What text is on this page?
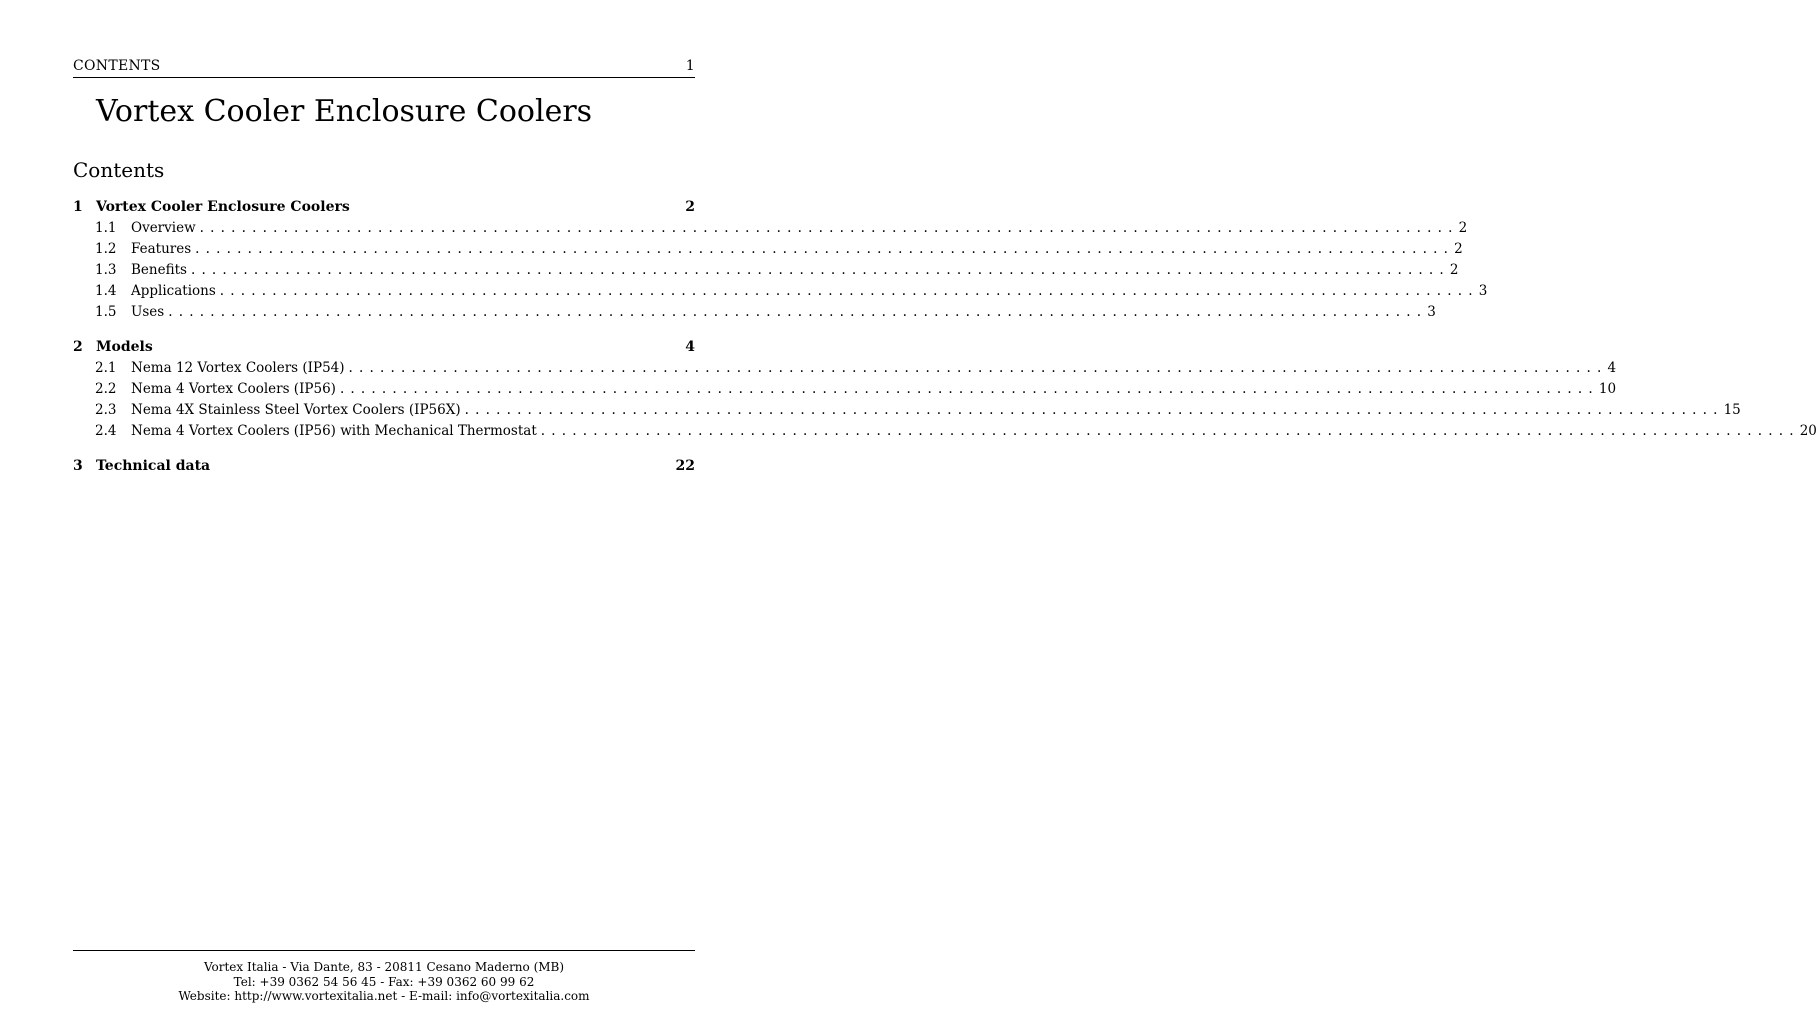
CONTENTS	1
Vortex Cooler Enclosure Coolers
Contents
1 Vortex Cooler Enclosure Coolers	2
1.1 Overview ........................................................................................................................ 2
1.2 Features ........................................................................................................................ 2
1.3 Benefits ........................................................................................................................ 2
1.4 Applications ........................................................................................................................ 3
1.5 Uses ........................................................................................................................ 3
2 Models	4
2.1 Nema 12 Vortex Coolers (IP54) ........................................................................................................................ 4
2.2 Nema 4 Vortex Coolers (IP56) ........................................................................................................................ 10
2.3 Nema 4X Stainless Steel Vortex Coolers (IP56X) ........................................................................................................................ 15
2.4 Nema 4 Vortex Coolers (IP56) with Mechanical Thermostat ........................................................................................................................ 20
3 Technical data	22
Vortex Italia - Via Dante, 83 - 20811 Cesano Maderno (MB)
Tel: +39 0362 54 56 45 - Fax: +39 0362 60 99 62
Website: http://www.vortexitalia.net - E-mail: info@vortexitalia.com
